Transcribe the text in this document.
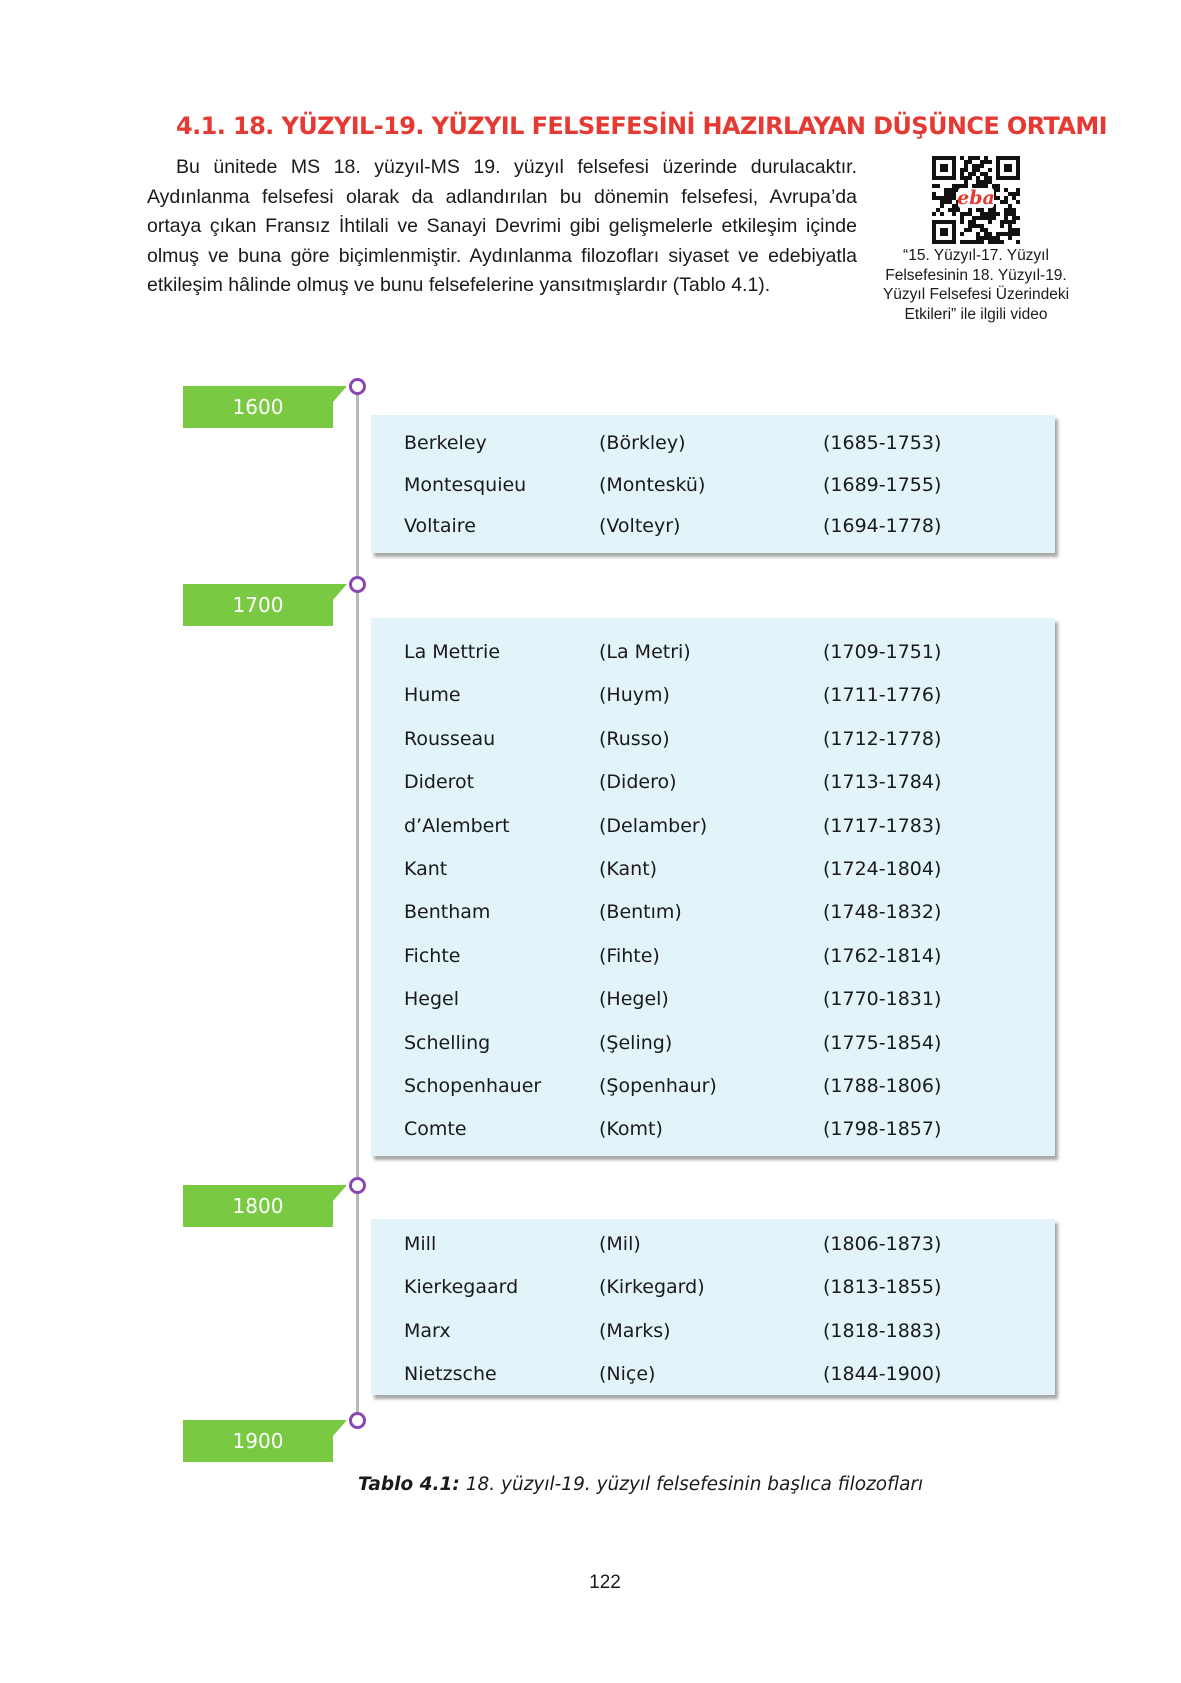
4.1. 18. YÜZYIL-19. YÜZYIL FELSEFESİNİ HAZIRLAYAN DÜŞÜNCE ORTAMI

Bu ünitede MS 18. yüzyıl-MS 19. yüzyıl felsefesi üzerinde durulacaktır. Aydınlanma felsefesi olarak da adlandırılan bu dönemin felsefesi, Avrupa’da ortaya çıkan Fransız İhtilali ve Sanayi Devrimi gibi gelişmelerle etkileşim içinde olmuş ve buna göre biçimlenmiştir. Aydınlanma filozofları siyaset ve edebiyatla etkileşim hâlinde olmuş ve bunu felsefelerine yansıtmışlardır (Tablo 4.1).

eba

“15. Yüzyıl-17. Yüzyıl Felsefesinin 18. Yüzyıl-19. Yüzyıl Felsefesi Üzerindeki Etkileri” ile ilgili video

1600
1700
1800
1900
Berkeley	(Börkley)	(1685-1753)
Montesquieu	(Monteskü)	(1689-1755)
Voltaire	(Volteyr)	(1694-1778)
La Mettrie	(La Metri)	(1709-1751)
Hume	(Huym)	(1711-1776)
Rousseau	(Russo)	(1712-1778)
Diderot	(Didero)	(1713-1784)
d’Alembert	(Delamber)	(1717-1783)
Kant	(Kant)	(1724-1804)
Bentham	(Bentım)	(1748-1832)
Fichte	(Fihte)	(1762-1814)
Hegel	(Hegel)	(1770-1831)
Schelling	(Şeling)	(1775-1854)
Schopenhauer	(Şopenhaur)	(1788-1806)
Comte	(Komt)	(1798-1857)
Mill	(Mil)	(1806-1873)
Kierkegaard	(Kirkegard)	(1813-1855)
Marx	(Marks)	(1818-1883)
Nietzsche	(Niçe)	(1844-1900)

Tablo 4.1: 18. yüzyıl-19. yüzyıl felsefesinin başlıca filozofları

122
